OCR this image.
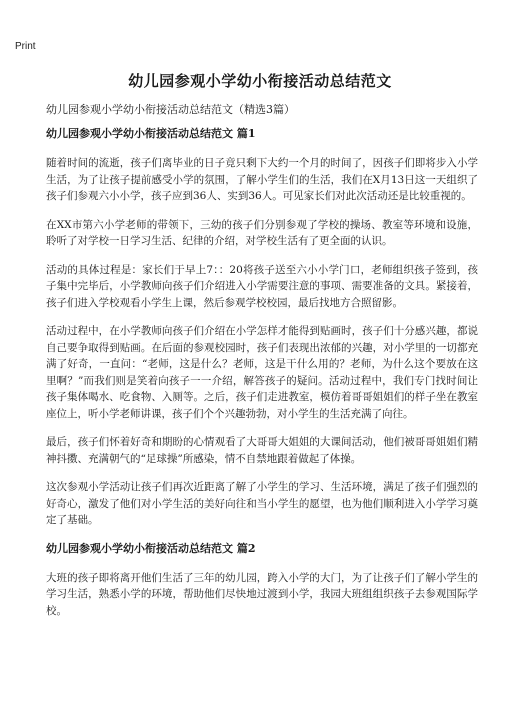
Print
幼儿园参观小学幼小衔接活动总结范文
幼儿园参观小学幼小衔接活动总结范文（精选3篇）
幼儿园参观小学幼小衔接活动总结范文 篇1

随着时间的流逝，孩子们离毕业的日子竟只剩下大约一个月的时间了，因孩子们即将步入小学生活，为了让孩子提前感受小学的氛围，了解小学生们的生活，我们在X月13日这一天组织了孩子们参观六小小学，孩子应到36人、实到36人。可见家长们对此次活动还是比较重视的。

在XX市第六小学老师的带领下，三幼的孩子们分别参观了学校的操场、教室等环境和设施，聆听了对学校一日学习生活、纪律的介绍，对学校生活有了更全面的认识。

活动的具体过程是：家长们于早上7：：20将孩子送至六小小学门口，老师组织孩子签到，孩子集中完毕后，小学教师向孩子们介绍进入小学需要注意的事项、需要准备的文具。紧接着，孩子们进入学校观看小学生上课，然后参观学校校园，最后找地方合照留影。

活动过程中，在小学教师向孩子们介绍在小学怎样才能得到贴画时，孩子们十分感兴趣，都说自己要争取得到贴画。在后面的参观校园时，孩子们表现出浓郁的兴趣，对小学里的一切都充满了好奇，一直问：“老师，这是什么？老师，这是干什么用的？老师，为什么这个要放在这里啊？”而我们则是笑着向孩子一一介绍，解答孩子的疑问。活动过程中，我们专门找时间让孩子集体喝水、吃食物、入厕等。之后，孩子们走进教室，模仿着哥哥姐姐们的样子坐在教室座位上，听小学老师讲课，孩子们个个兴趣勃勃，对小学生的生活充满了向往。

最后，孩子们怀着好奇和期盼的心情观看了大哥哥大姐姐的大课间活动，他们被哥哥姐姐们精神抖擞、充满朝气的“足球操”所感染，情不自禁地跟着做起了体操。

这次参观小学活动让孩子们再次近距离了解了小学生的学习、生活环境，满足了孩子们强烈的好奇心，激发了他们对小学生活的美好向往和当小学生的愿望，也为他们顺利进入小学学习奠定了基础。

幼儿园参观小学幼小衔接活动总结范文 篇2

大班的孩子即将离开他们生活了三年的幼儿园，跨入小学的大门，为了让孩子们了解小学生的学习生活，熟悉小学的环境，帮助他们尽快地过渡到小学，我园大班组组织孩子去参观国际学校。
